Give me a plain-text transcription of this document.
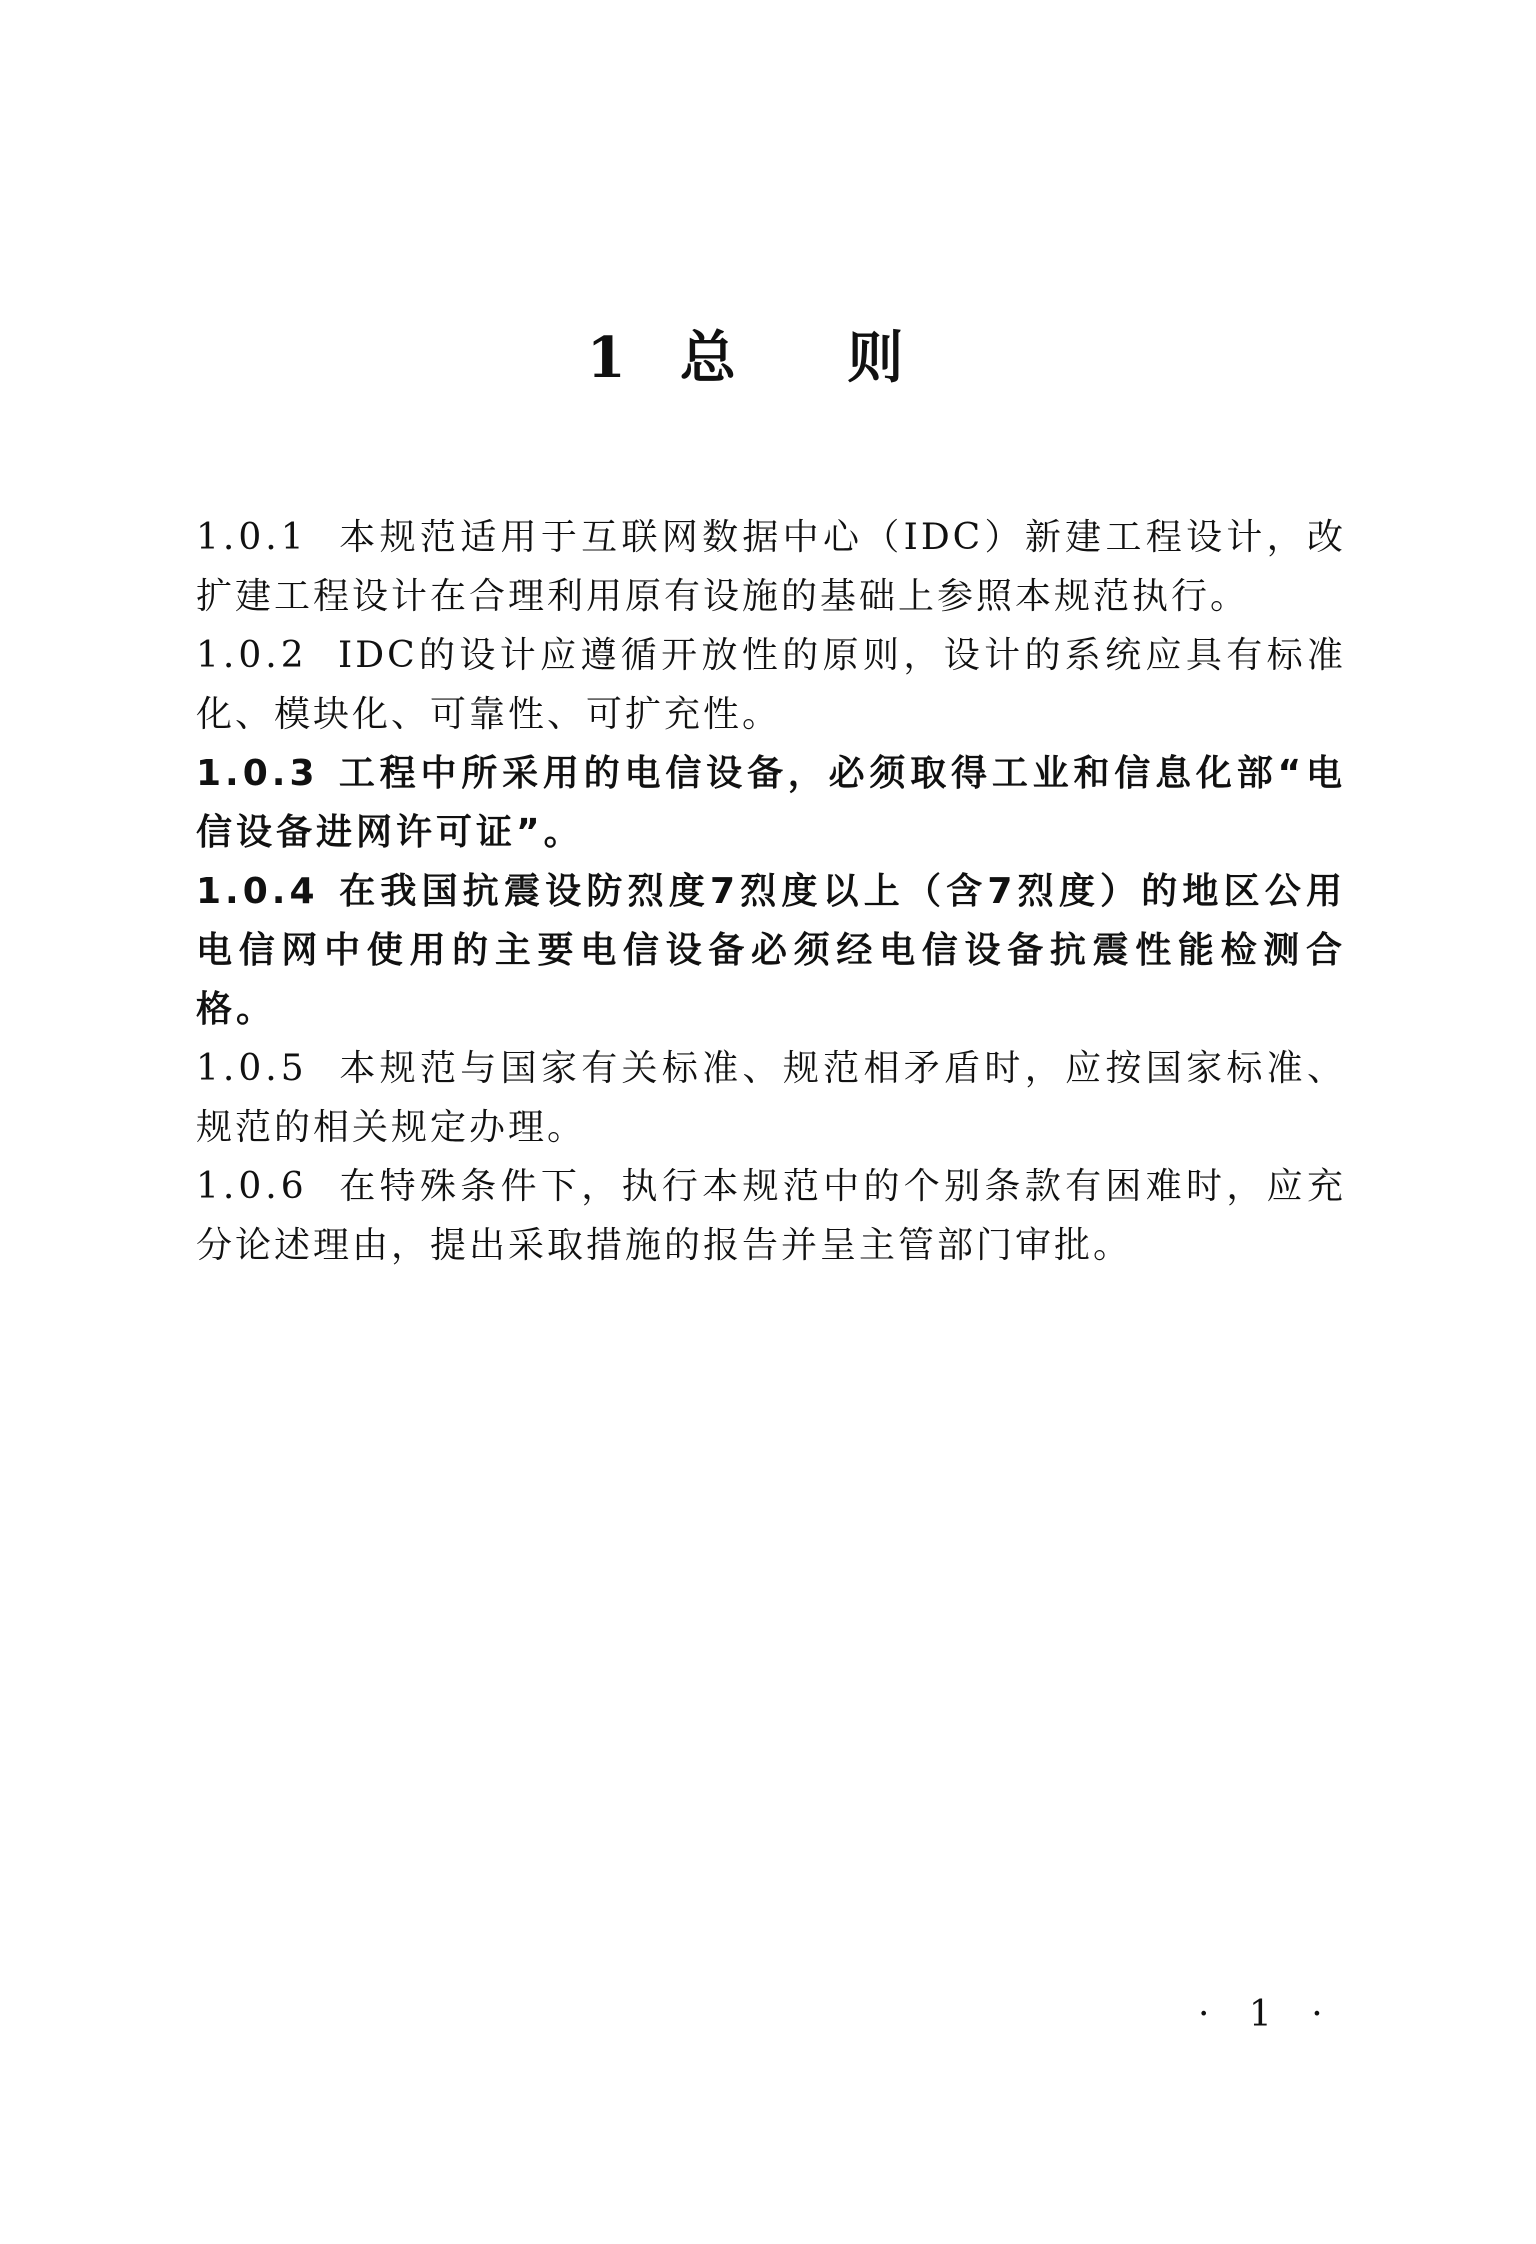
1 总 则

1.0.1 本规范适用于互联网数据中心（IDC）新建工程设计，改扩建工程设计在合理利用原有设施的基础上参照本规范执行。

1.0.2 IDC的设计应遵循开放性的原则，设计的系统应具有标准化、模块化、可靠性、可扩充性。

1.0.3 工程中所采用的电信设备，必须取得工业和信息化部“电信设备进网许可证”。

1.0.4 在我国抗震设防烈度7烈度以上（含7烈度）的地区公用电信网中使用的主要电信设备必须经电信设备抗震性能检测合格。

1.0.5 本规范与国家有关标准、规范相矛盾时，应按国家标准、规范的相关规定办理。

1.0.6 在特殊条件下，执行本规范中的个别条款有困难时，应充分论述理由，提出采取措施的报告并呈主管部门审批。

· 1 ·
